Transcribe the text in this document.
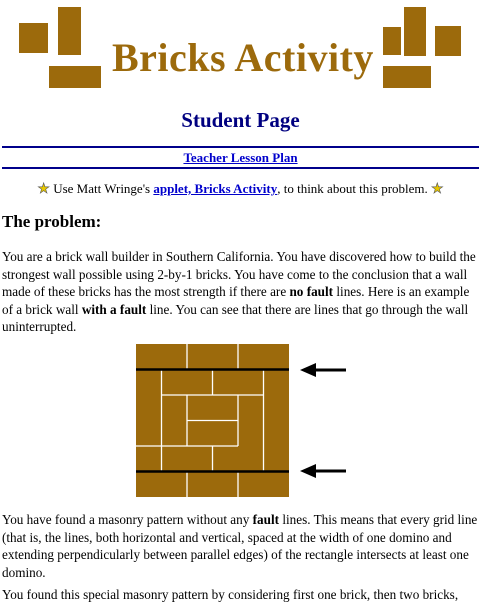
Bricks Activity
Student Page
Teacher Lesson Plan
★ Use Matt Wringe's applet, Bricks Activity, to think about this problem. ★
The problem:

You are a brick wall builder in Southern California. You have discovered how to build the strongest wall possible using 2-by-1 bricks. You have come to the conclusion that a wall made of these bricks has the most strength if there are no fault lines. Here is an example of a brick wall with a fault line. You can see that there are lines that go through the wall uninterrupted.

You have found a masonry pattern without any fault lines. This means that every grid line (that is, the lines, both horizontal and vertical, spaced at the width of one domino and extending perpendicularly between parallel edges) of the rectangle intersects at least one domino.

You found this special masonry pattern by considering first one brick, then two bricks,
